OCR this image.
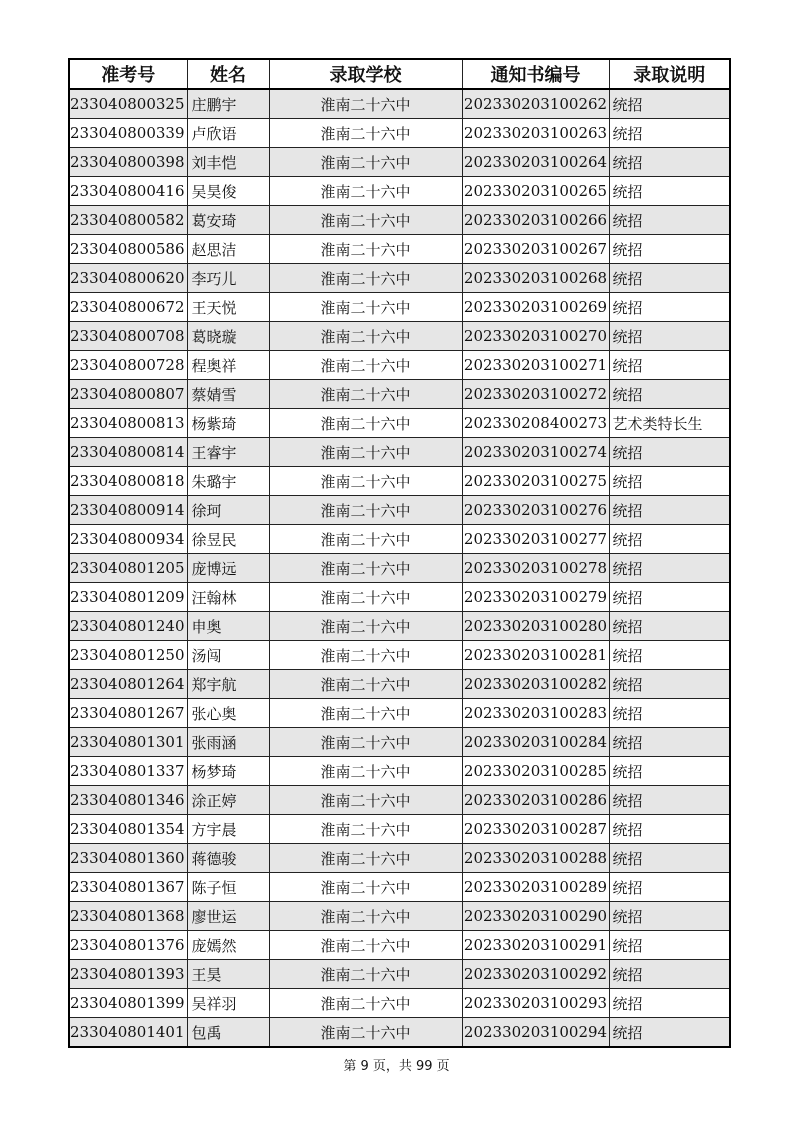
准考号	姓名	录取学校	通知书编号	录取说明
233040800325	庄鹏宇	淮南二十六中	202330203100262	统招
233040800339	卢欣语	淮南二十六中	202330203100263	统招
233040800398	刘丰恺	淮南二十六中	202330203100264	统招
233040800416	吴昊俊	淮南二十六中	202330203100265	统招
233040800582	葛安琦	淮南二十六中	202330203100266	统招
233040800586	赵思洁	淮南二十六中	202330203100267	统招
233040800620	李巧儿	淮南二十六中	202330203100268	统招
233040800672	王天悦	淮南二十六中	202330203100269	统招
233040800708	葛晓璇	淮南二十六中	202330203100270	统招
233040800728	程奥祥	淮南二十六中	202330203100271	统招
233040800807	蔡婧雪	淮南二十六中	202330203100272	统招
233040800813	杨紫琦	淮南二十六中	202330208400273	艺术类特长生
233040800814	王睿宇	淮南二十六中	202330203100274	统招
233040800818	朱璐宇	淮南二十六中	202330203100275	统招
233040800914	徐珂	淮南二十六中	202330203100276	统招
233040800934	徐昱民	淮南二十六中	202330203100277	统招
233040801205	庞博远	淮南二十六中	202330203100278	统招
233040801209	汪翰林	淮南二十六中	202330203100279	统招
233040801240	申奥	淮南二十六中	202330203100280	统招
233040801250	汤闯	淮南二十六中	202330203100281	统招
233040801264	郑宇航	淮南二十六中	202330203100282	统招
233040801267	张心奥	淮南二十六中	202330203100283	统招
233040801301	张雨涵	淮南二十六中	202330203100284	统招
233040801337	杨梦琦	淮南二十六中	202330203100285	统招
233040801346	涂正婷	淮南二十六中	202330203100286	统招
233040801354	方宇晨	淮南二十六中	202330203100287	统招
233040801360	蒋德骏	淮南二十六中	202330203100288	统招
233040801367	陈子恒	淮南二十六中	202330203100289	统招
233040801368	廖世运	淮南二十六中	202330203100290	统招
233040801376	庞嫣然	淮南二十六中	202330203100291	统招
233040801393	王昊	淮南二十六中	202330203100292	统招
233040801399	吴祥羽	淮南二十六中	202330203100293	统招
233040801401	包禹	淮南二十六中	202330203100294	统招
第 9 页，共 99 页
